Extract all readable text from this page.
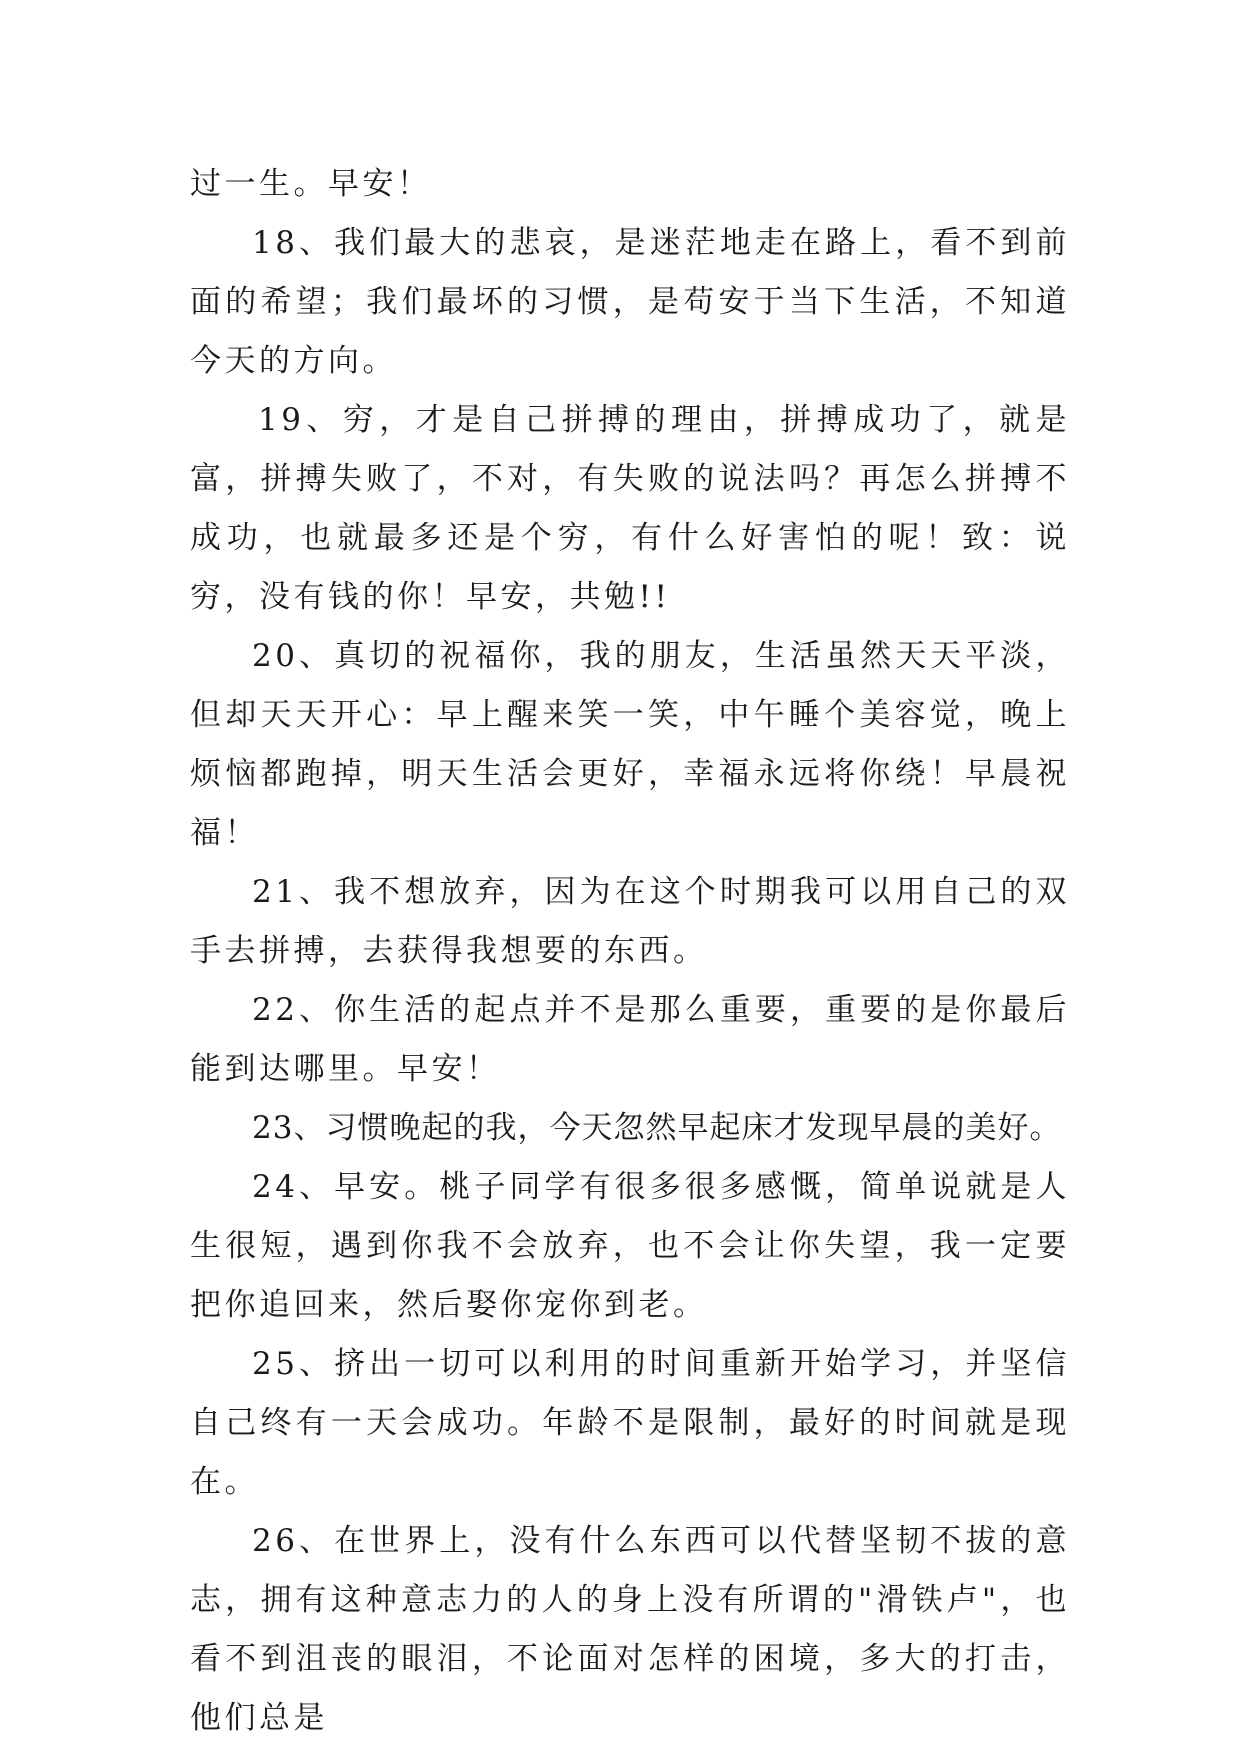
过一生。早安！

18、我们最大的悲哀，是迷茫地走在路上，看不到前面的希望；我们最坏的习惯，是苟安于当下生活，不知道今天的方向。

19、穷，才是自己拼搏的理由，拼搏成功了，就是富，拼搏失败了，不对，有失败的说法吗？再怎么拼搏不成功，也就最多还是个穷，有什么好害怕的呢！致：说穷，没有钱的你！早安，共勉!!

20、真切的祝福你，我的朋友，生活虽然天天平淡，但却天天开心：早上醒来笑一笑，中午睡个美容觉，晚上烦恼都跑掉，明天生活会更好，幸福永远将你绕！早晨祝福！

21、我不想放弃，因为在这个时期我可以用自己的双手去拼搏，去获得我想要的东西。

22、你生活的起点并不是那么重要，重要的是你最后能到达哪里。早安！

23、习惯晚起的我，今天忽然早起床才发现早晨的美好。

24、早安。桃子同学有很多很多感慨，简单说就是人生很短，遇到你我不会放弃，也不会让你失望，我一定要把你追回来，然后娶你宠你到老。

25、挤出一切可以利用的时间重新开始学习，并坚信自己终有一天会成功。年龄不是限制，最好的时间就是现在。

26、在世界上，没有什么东西可以代替坚韧不拔的意志，拥有这种意志力的人的身上没有所谓的"滑铁卢"，也看不到沮丧的眼泪，不论面对怎样的困境，多大的打击，他们总是
